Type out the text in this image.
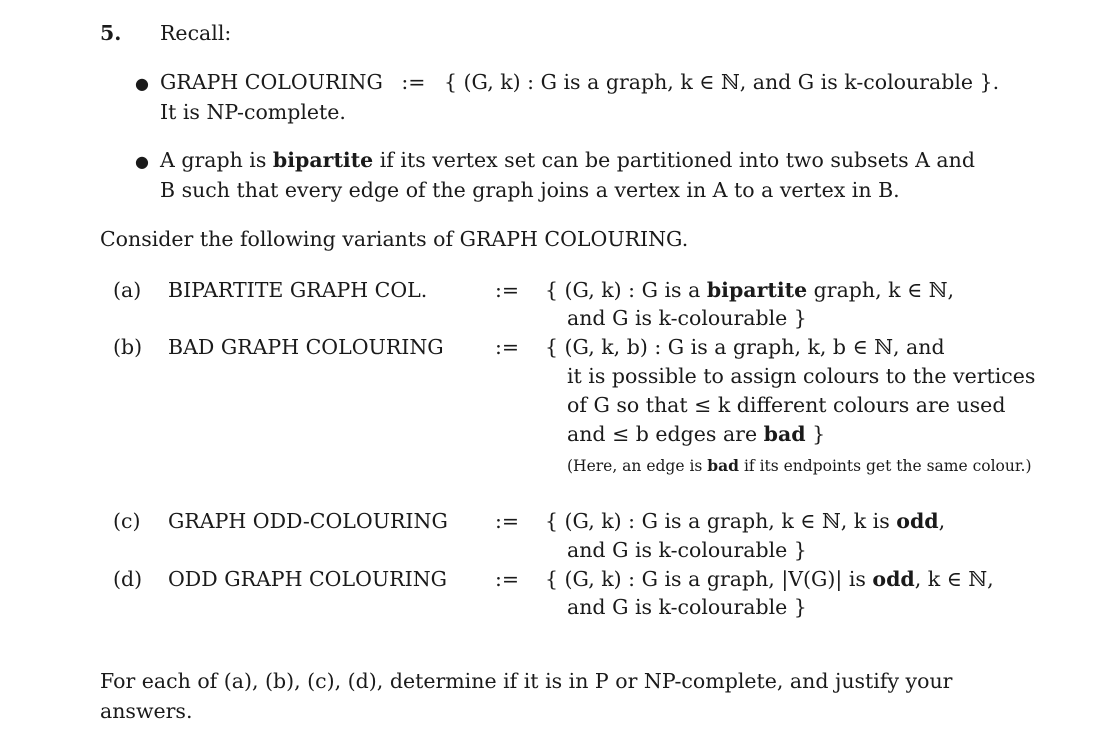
5. Recall:
● GRAPH COLOURING := { (G, k) : G is a graph, k ∈ ℕ, and G is k-colourable }.
It is NP-complete.
● A graph is bipartite if its vertex set can be partitioned into two subsets A and
B such that every edge of the graph joins a vertex in A to a vertex in B.
Consider the following variants of GRAPH COLOURING.
(a) BIPARTITE GRAPH COL.	:= { (G, k) : G is a bipartite graph, k ∈ ℕ,
and G is k-colourable }
(b) BAD GRAPH COLOURING	:= { (G, k, b) : G is a graph, k, b ∈ ℕ, and
it is possible to assign colours to the vertices
of G so that ≤ k different colours are used
and ≤ b edges are bad }
(Here, an edge is bad if its endpoints get the same colour.)
(c) GRAPH ODD-COLOURING := { (G, k) : G is a graph, k ∈ ℕ, k is odd,
and G is k-colourable }
(d) ODD GRAPH COLOURING := { (G, k) : G is a graph, |V(G)| is odd, k ∈ ℕ,
and G is k-colourable }
For each of (a), (b), (c), (d), determine if it is in P or NP-complete, and justify your
answers.
